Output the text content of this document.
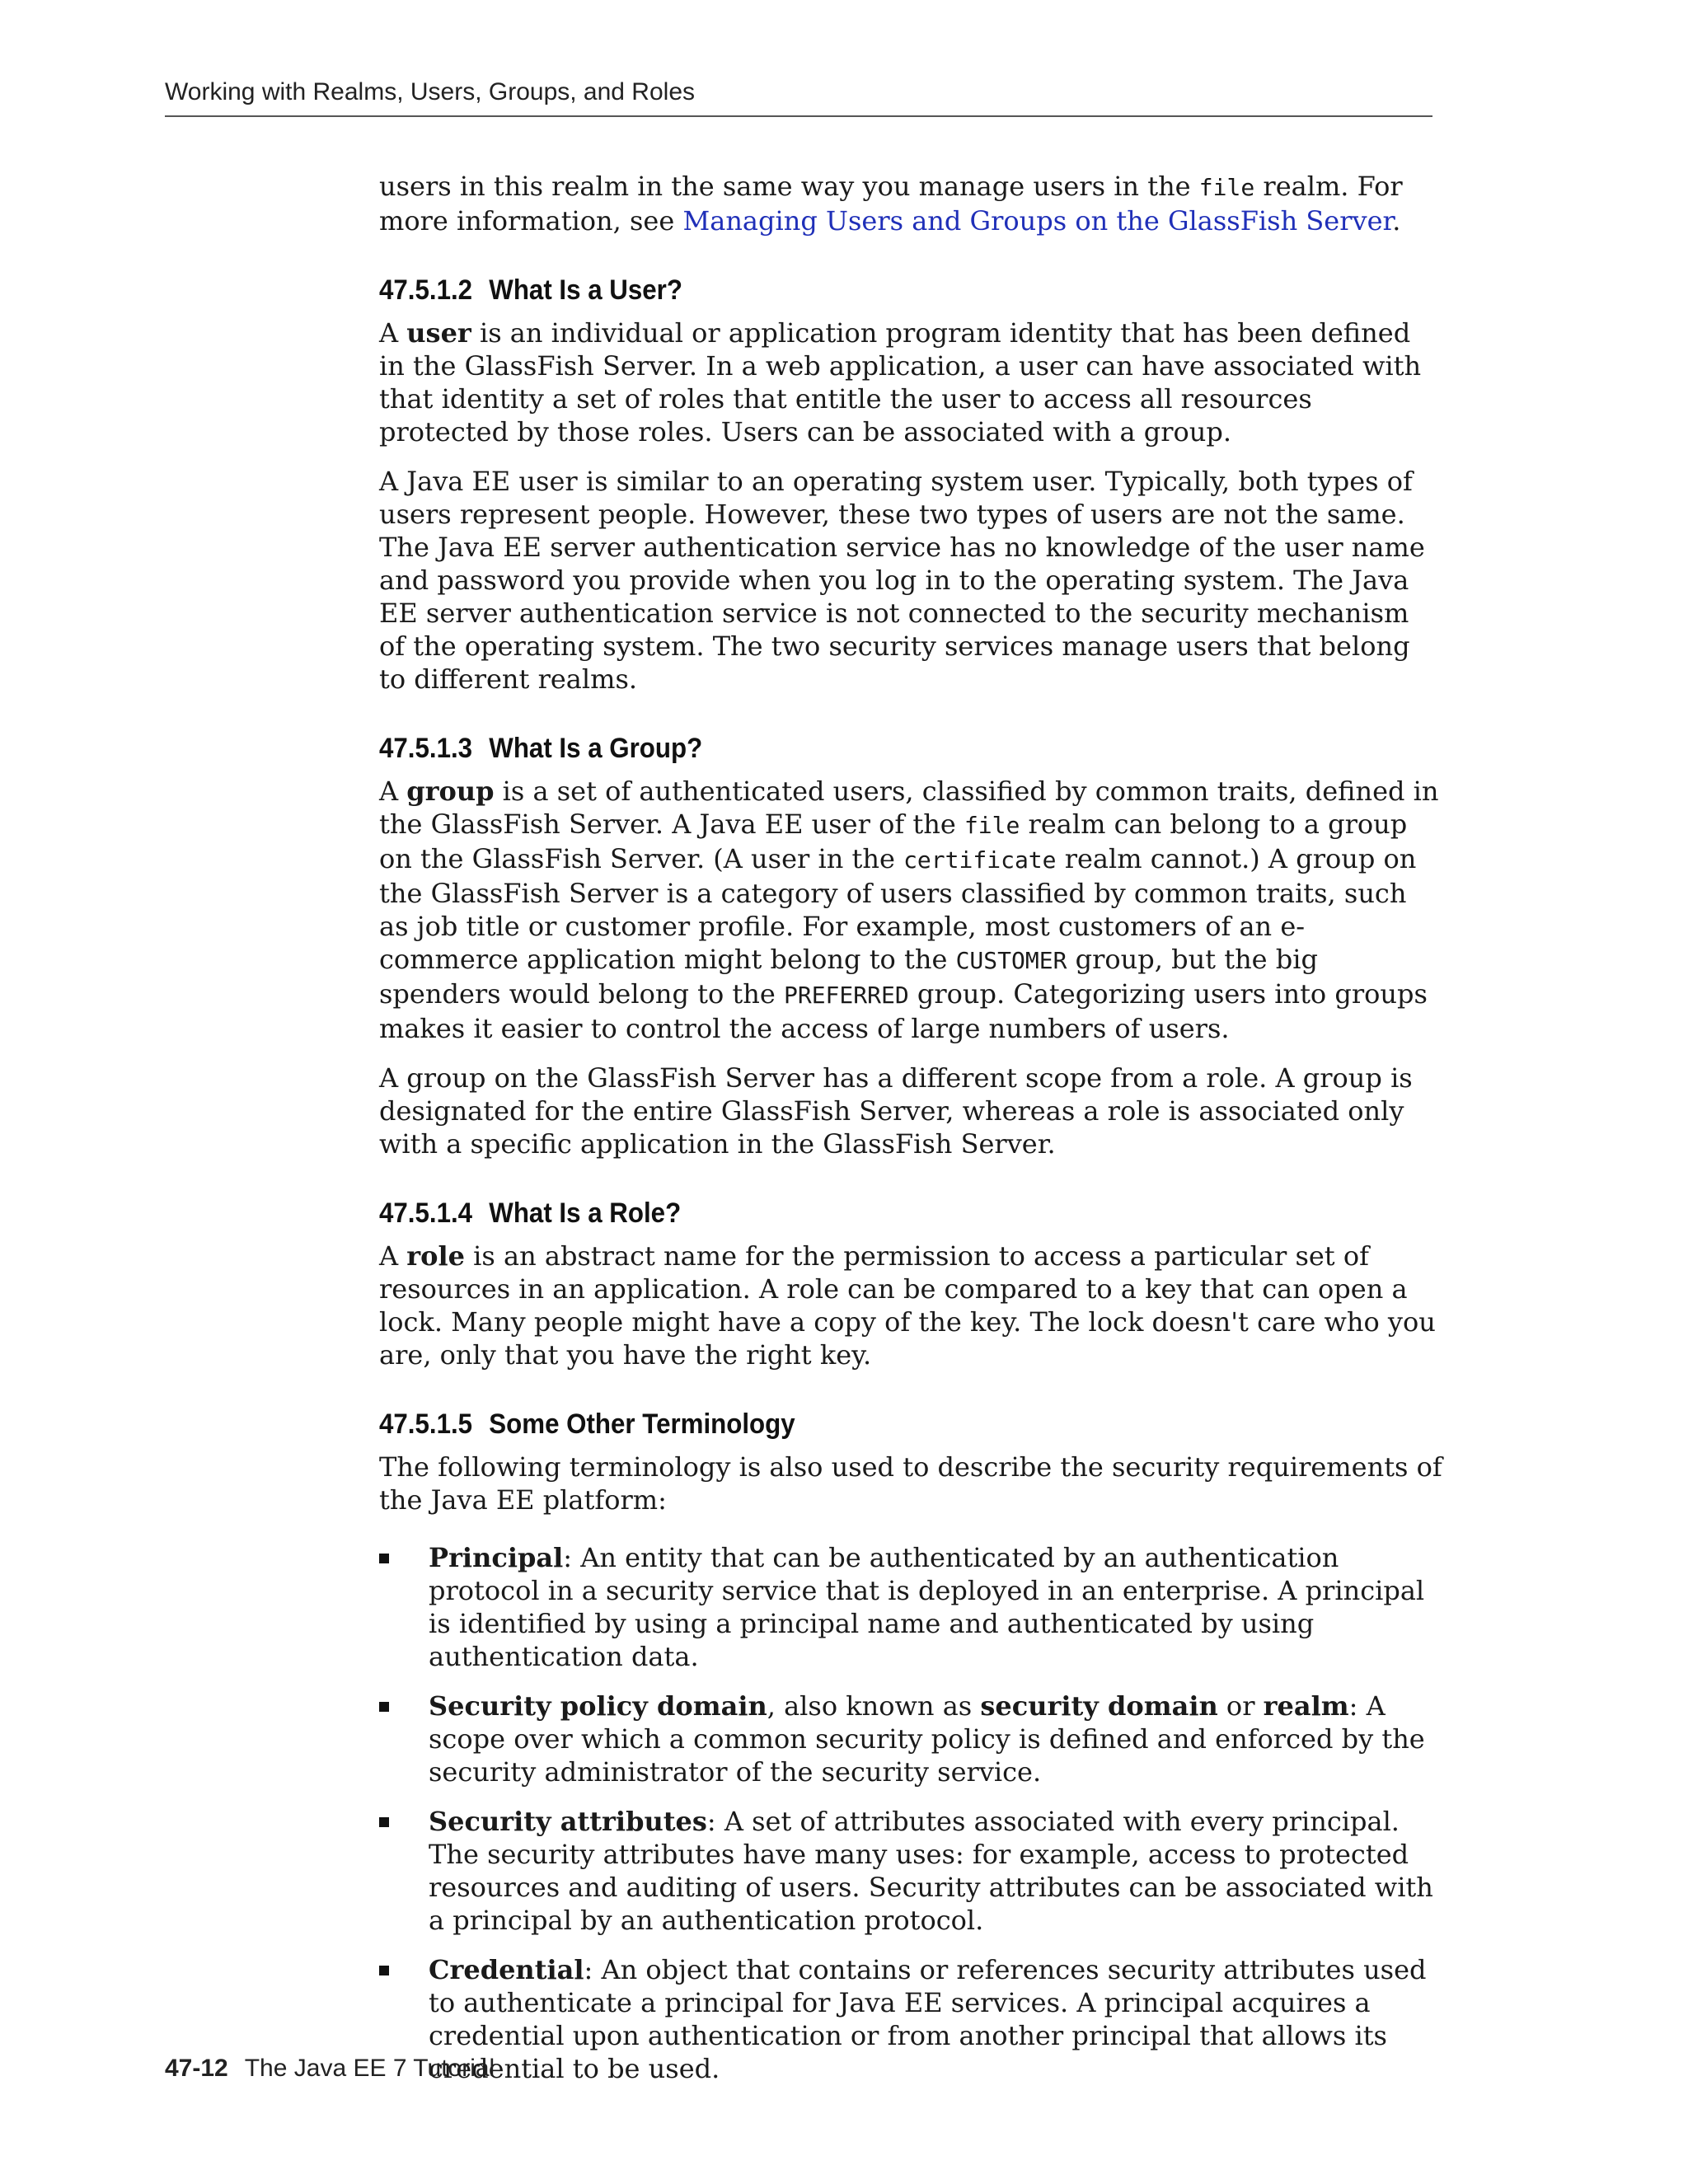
Working with Realms, Users, Groups, and Roles

users in this realm in the same way you manage users in the file realm. For more information, see Managing Users and Groups on the GlassFish Server.

47.5.1.2 What Is a User?

A user is an individual or application program identity that has been defined in the GlassFish Server. In a web application, a user can have associated with that identity a set of roles that entitle the user to access all resources protected by those roles. Users can be associated with a group.

A Java EE user is similar to an operating system user. Typically, both types of users represent people. However, these two types of users are not the same. The Java EE server authentication service has no knowledge of the user name and password you provide when you log in to the operating system. The Java EE server authentication service is not connected to the security mechanism of the operating system. The two security services manage users that belong to different realms.

47.5.1.3 What Is a Group?

A group is a set of authenticated users, classified by common traits, defined in the GlassFish Server. A Java EE user of the file realm can belong to a group on the GlassFish Server. (A user in the certificate realm cannot.) A group on the GlassFish Server is a category of users classified by common traits, such as job title or customer profile. For example, most customers of an e-commerce application might belong to the CUSTOMER group, but the big spenders would belong to the PREFERRED group. Categorizing users into groups makes it easier to control the access of large numbers of users.

A group on the GlassFish Server has a different scope from a role. A group is designated for the entire GlassFish Server, whereas a role is associated only with a specific application in the GlassFish Server.

47.5.1.4 What Is a Role?

A role is an abstract name for the permission to access a particular set of resources in an application. A role can be compared to a key that can open a lock. Many people might have a copy of the key. The lock doesn't care who you are, only that you have the right key.

47.5.1.5 Some Other Terminology

The following terminology is also used to describe the security requirements of the Java EE platform:

Principal: An entity that can be authenticated by an authentication protocol in a security service that is deployed in an enterprise. A principal is identified by using a principal name and authenticated by using authentication data.
Security policy domain, also known as security domain or realm: A scope over which a common security policy is defined and enforced by the security administrator of the security service.
Security attributes: A set of attributes associated with every principal. The security attributes have many uses: for example, access to protected resources and auditing of users. Security attributes can be associated with a principal by an authentication protocol.
Credential: An object that contains or references security attributes used to authenticate a principal for Java EE services. A principal acquires a credential upon authentication or from another principal that allows its credential to be used.
47-12 The Java EE 7 Tutorial
